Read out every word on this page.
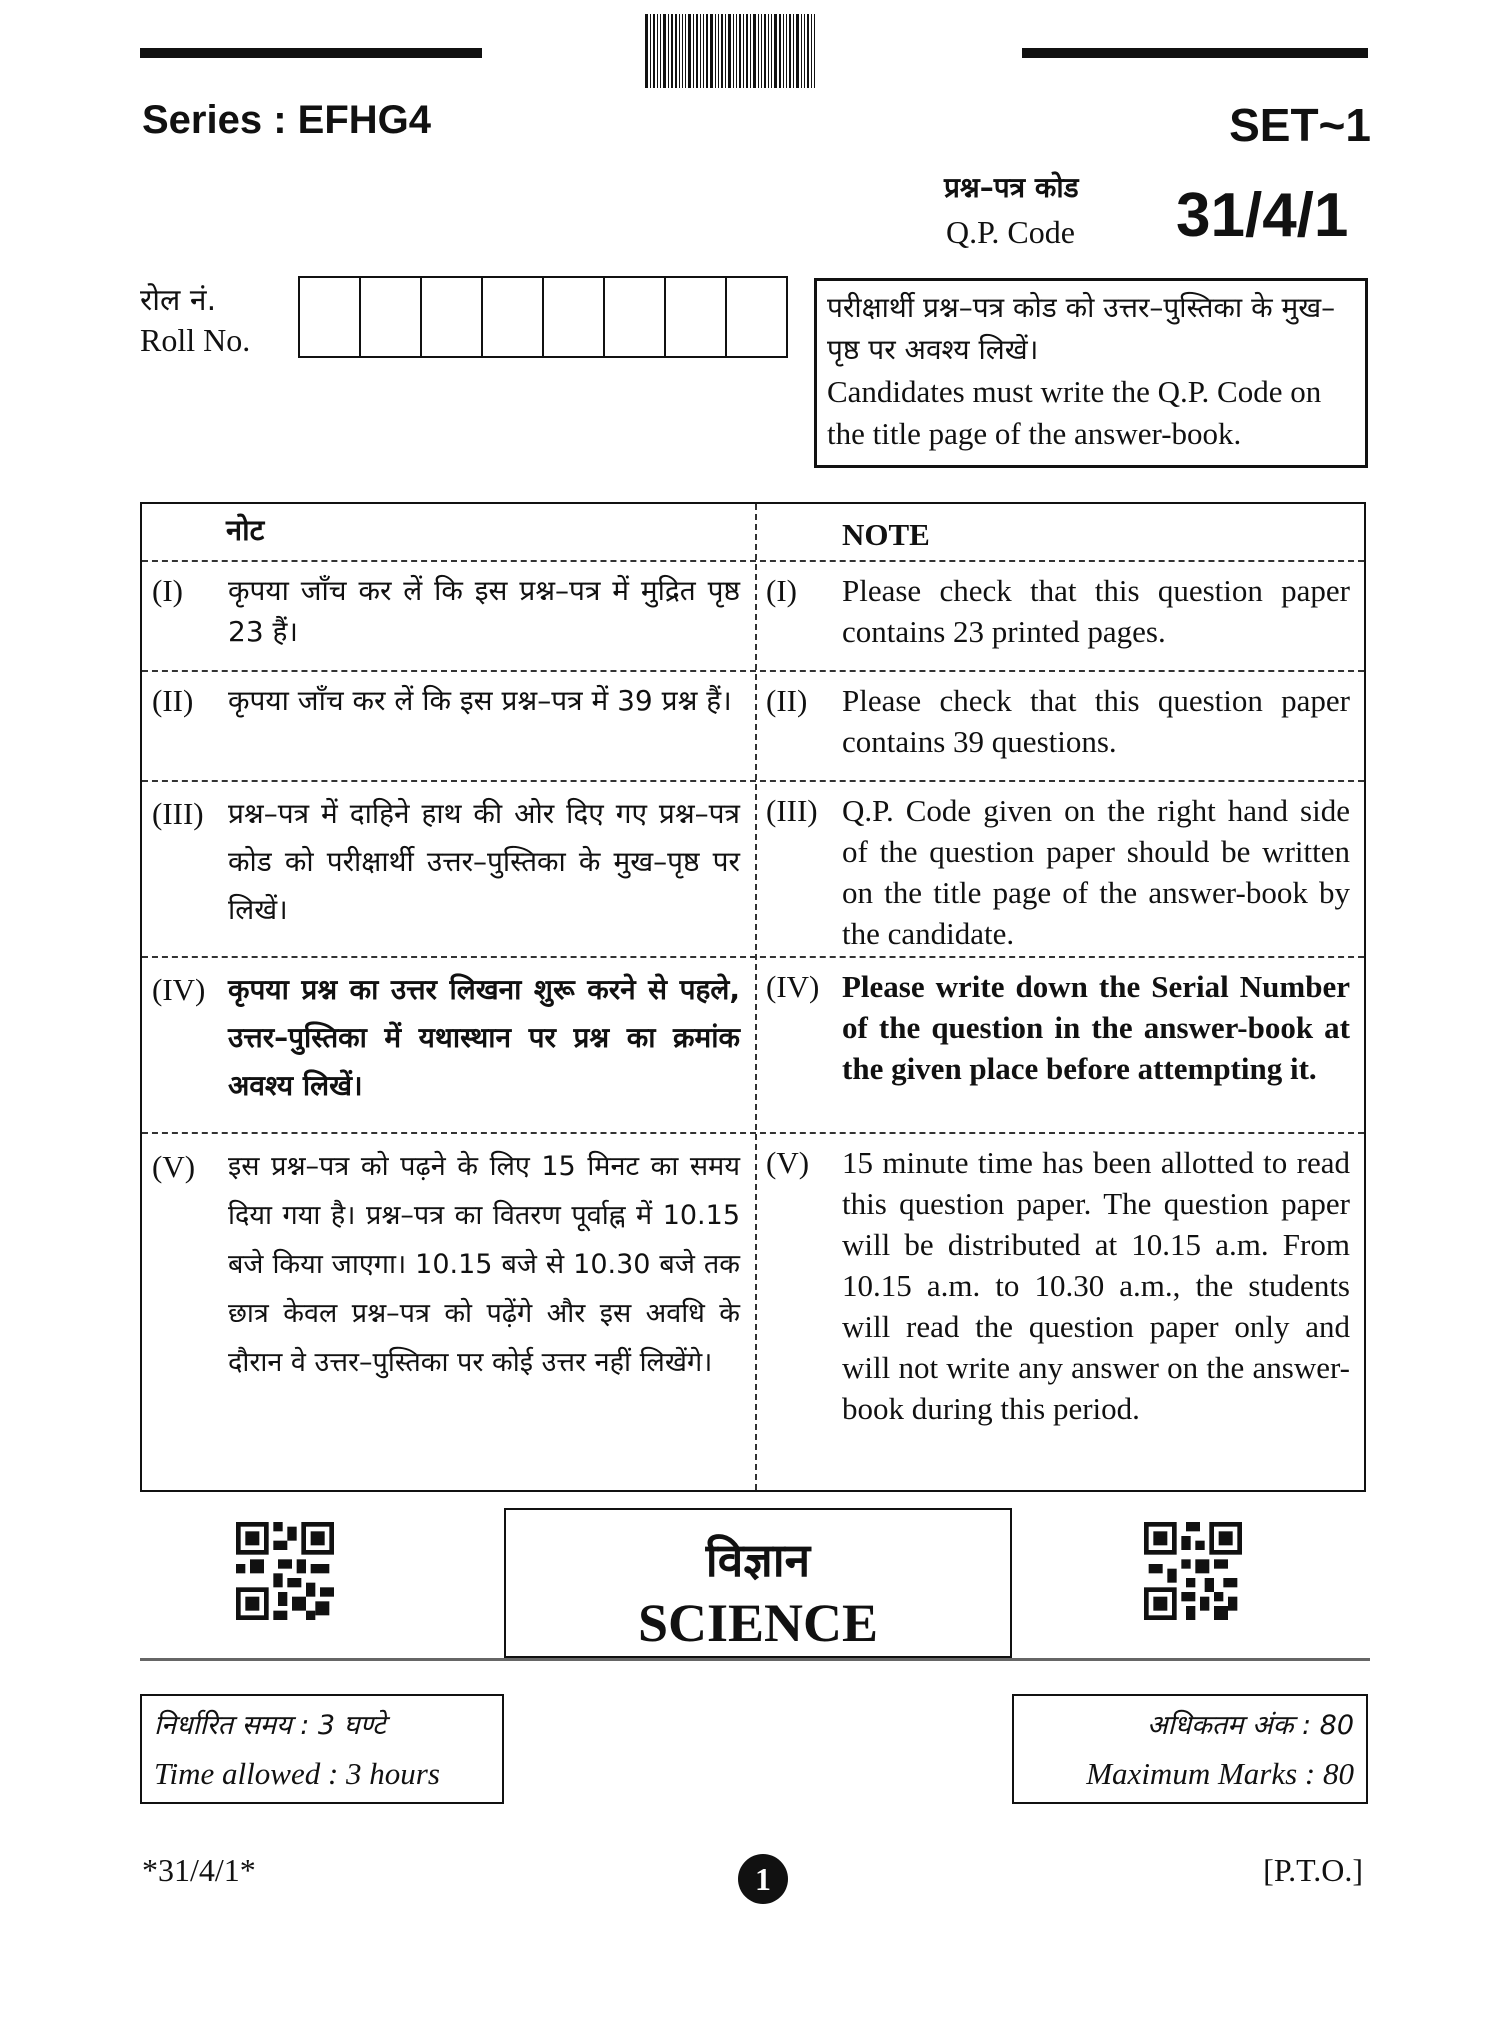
Series : EFHG4	SET~1
प्रश्न–पत्र कोड
Q.P. Code 31/4/1
रोल नं.
Roll No.
परीक्षार्थी प्रश्न–पत्र कोड को उत्तर–पुस्तिका के मुख–पृष्ठ पर अवश्य लिखें।
Candidates must write the Q.P. Code on the title page of the answer-book.
नोट	NOTE
(I) कृपया जाँच कर लें कि इस प्रश्न–पत्र में मुद्रित पृष्ठ 23 हैं।
(I) Please check that this question paper contains 23 printed pages.
(II) कृपया जाँच कर लें कि इस प्रश्न–पत्र में 39 प्रश्न हैं। (II) Please check that this question paper contains 39 questions.
(III) प्रश्न–पत्र में दाहिने हाथ की ओर दिए गए प्रश्न–पत्र कोड को परीक्षार्थी उत्तर–पुस्तिका के मुख–पृष्ठ पर लिखें।
(III) Q.P. Code given on the right hand side of the question paper should be written on the title page of the answer-book by the candidate.
(IV) कृपया प्रश्न का उत्तर लिखना शुरू करने से पहले, उत्तर–पुस्तिका में यथास्थान पर प्रश्न का क्रमांक अवश्य लिखें।
(IV) Please write down the Serial Number of the question in the answer-book at the given place before attempting it.
(V) इस प्रश्न–पत्र को पढ़ने के लिए 15 मिनट का समय दिया गया है। प्रश्न–पत्र का वितरण पूर्वाह्न में 10.15 बजे किया जाएगा। 10.15 बजे से 10.30 बजे तक छात्र केवल प्रश्न–पत्र को पढ़ेंगे और इस अवधि के दौरान वे उत्तर–पुस्तिका पर कोई उत्तर नहीं लिखेंगे।
(V) 15 minute time has been allotted to read this question paper. The question paper will be distributed at 10.15 a.m. From 10.15 a.m. to 10.30 a.m., the students will read the question paper only and will not write any answer on the answer-book during this period.
विज्ञान
SCIENCE
निर्धारित समय : 3 घण्टे
Time allowed : 3 hours
अधिकतम अंक : 80
Maximum Marks : 80
*31/4/1*	1	[P.T.O.]
